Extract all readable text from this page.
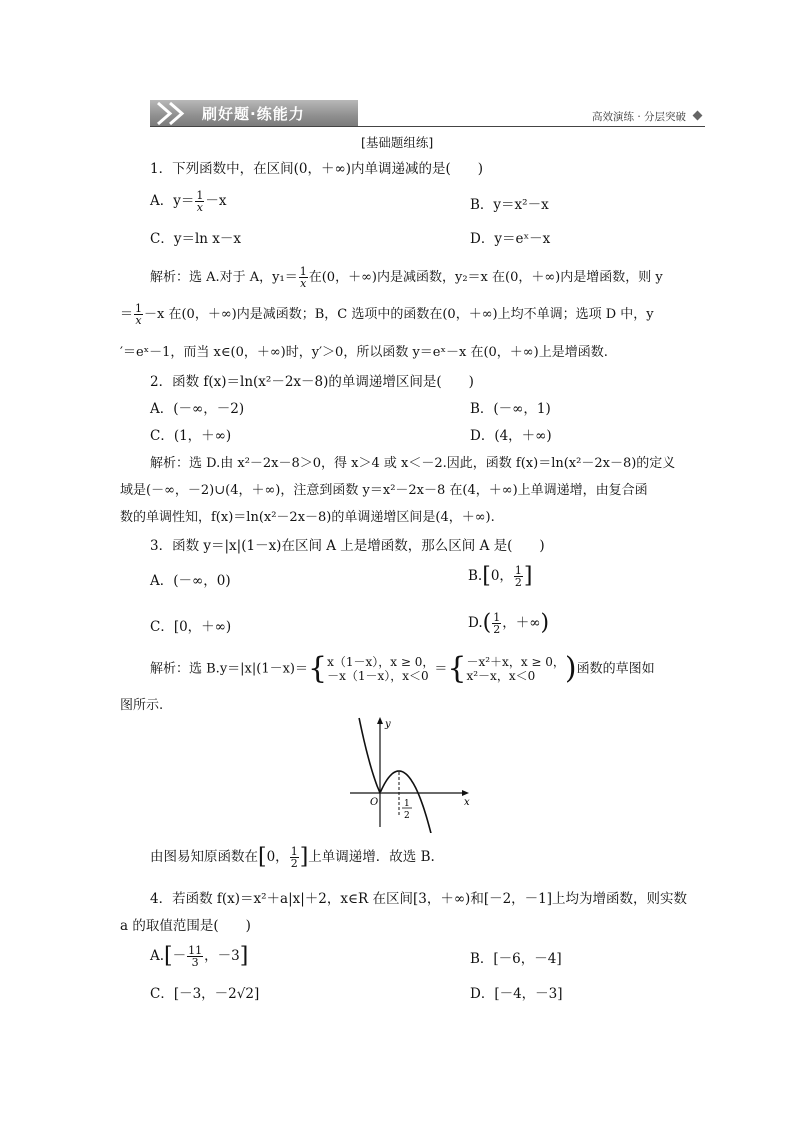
刷好题·练能力	高效演练 · 分层突破
[基础题组练]
1．下列函数中，在区间(0，＋∞)内单调递减的是(　　)
A．$y= \frac{1}{x} -x$	B．y＝x²－x
C．y＝ln x－x	D．y＝eˣ－x
解析：选 A.对于 A，$y_1= \frac{1}{x}$ 在(0，＋∞)内是减函数，y₂＝x 在(0，＋∞)内是增函数，则 y
＝ $\frac{1}{x} -x$ 在(0，＋∞)内是减函数；B，C 选项中的函数在(0，＋∞)上均不单调；选项 D 中，y
′＝eˣ－1，而当 x∈(0，＋∞)时，y′＞0，所以函数 y＝eˣ－x 在(0，＋∞)上是增函数.
2．函数 f(x)＝ln(x²－2x－8)的单调递增区间是(　　)
A．(－∞，－2)	B．(－∞，1)
C．(1，＋∞)	D．(4，＋∞)
解析：选 D.由 x²－2x－8＞0，得 x＞4 或 x＜－2.因此，函数 f(x)＝ln(x²－2x－8)的定义
域是(－∞，－2)∪(4，＋∞)，注意到函数 y＝x²－2x－8 在(4，＋∞)上单调递增，由复合函
数的单调性知，f(x)＝ln(x²－2x－8)的单调递增区间是(4，＋∞).
3．函数 y＝|x|(1－x)在区间 A 上是增函数，那么区间 A 是(　　)
A．(－∞，0)	B.[0， $\frac{1}{2}$ ]
C．[0，＋∞)	$D.( \frac{1}{2}$ ，＋∞)
解析：选 B.y＝|x|(1－x)＝{x（1－x），x ≥ 0，
－x（1－x），x＜0 ＝{－x²＋x，x ≥ 0，
x²－x，x＜0 )函数的草图如
图所示.
y
x
O	1
2
由图易知原函数在[0， $\frac{1}{2}$ ]上单调递增．故选 B.
4．若函数 f(x)＝x²＋a|x|＋2，x∈R 在区间[3，＋∞)和[－2，－1]上均为增函数，则实数
a 的取值范围是(　　)
$A.[- \frac{11}{3}$ ，－3]	B．[－6，－4]
C．[－3，－2√2]	D．[－4，－3]
